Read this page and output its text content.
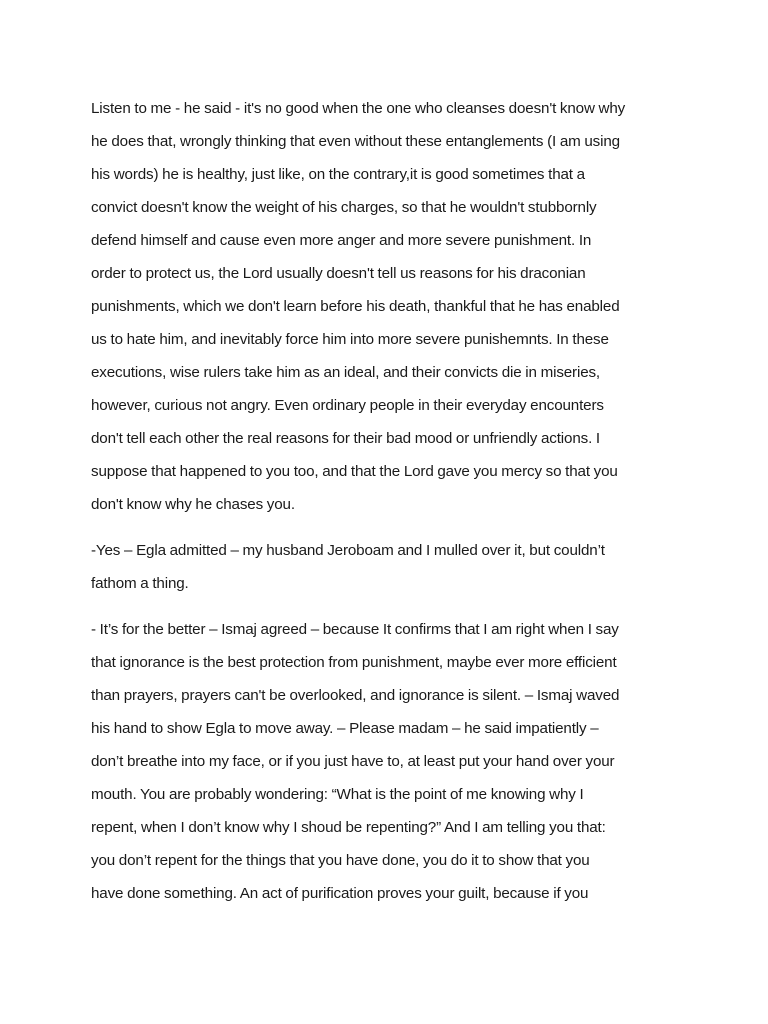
Listen to me - he said - it's no good when the one who cleanses doesn't know why
he does that, wrongly thinking that even without these entanglements (I am using
his words) he is healthy, just like, on the contrary,it is good sometimes that a
convict doesn't know the weight of his charges, so that he wouldn't stubbornly
defend himself and cause even more anger and more severe punishment. In
order to protect us, the Lord usually doesn't tell us reasons for his draconian
punishments, which we don't learn before his death, thankful that he has enabled
us to hate him, and inevitably force him into more severe punishemnts. In these
executions, wise rulers take him as an ideal, and their convicts die in miseries,
however, curious not angry. Even ordinary people in their everyday encounters
don't tell each other the real reasons for their bad mood or unfriendly actions. I
suppose that happened to you too, and that the Lord gave you mercy so that you
don't know why he chases you.

-Yes – Egla admitted – my husband Jeroboam and I mulled over it, but couldn’t
fathom a thing.

- It’s for the better – Ismaj agreed – because It confirms that I am right when I say
that ignorance is the best protection from punishment, maybe ever more efficient
than prayers, prayers can't be overlooked, and ignorance is silent. – Ismaj waved
his hand to show Egla to move away. – Please madam – he said impatiently –
don’t breathe into my face, or if you just have to, at least put your hand over your
mouth. You are probably wondering: “What is the point of me knowing why I
repent, when I don’t know why I shoud be repenting?” And I am telling you that:
you don’t repent for the things that you have done, you do it to show that you
have done something. An act of purification proves your guilt, because if you
